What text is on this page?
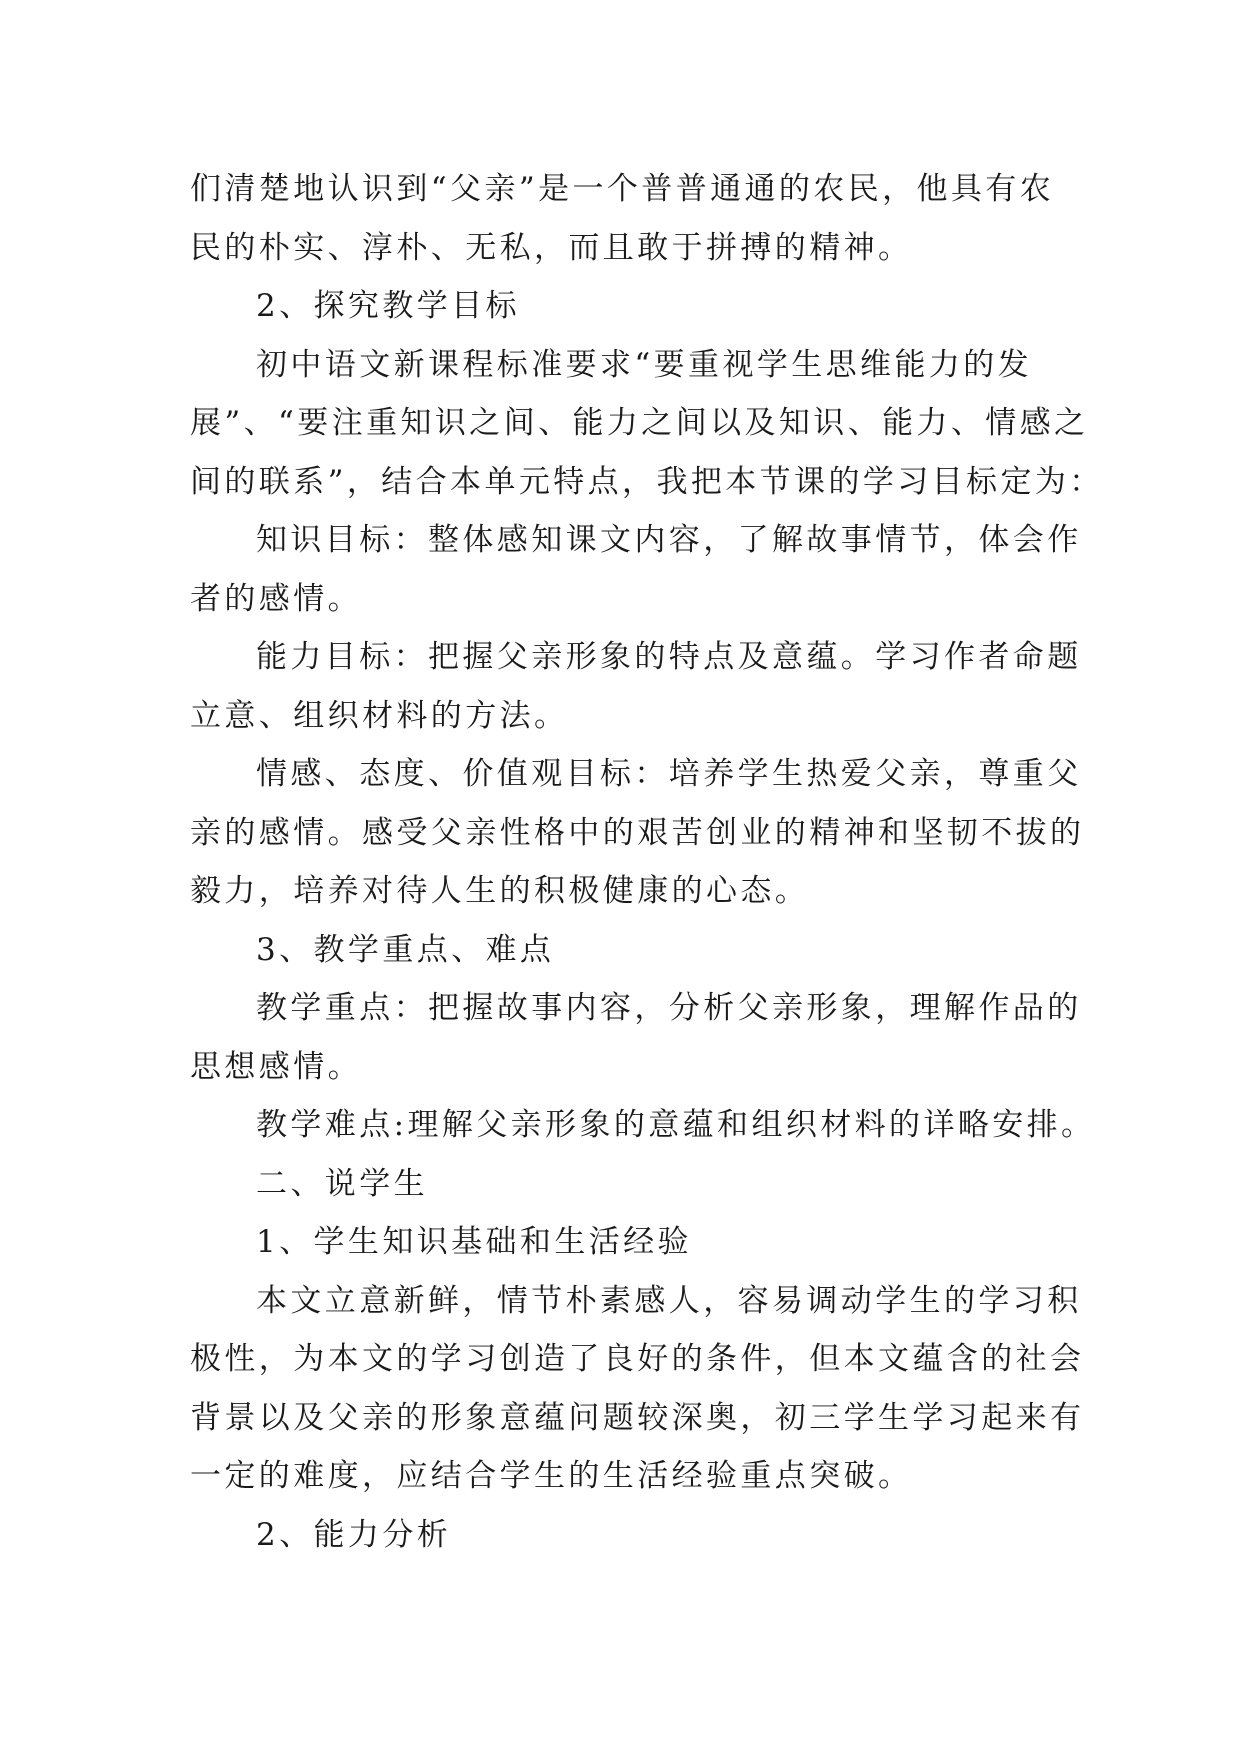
们清楚地认识到“父亲”是一个普普通通的农民，他具有农
民的朴实、淳朴、无私，而且敢于拼搏的精神。
2、探究教学目标
初中语文新课程标准要求“要重视学生思维能力的发
展”、“要注重知识之间、能力之间以及知识、能力、情感之
间的联系”，结合本单元特点，我把本节课的学习目标定为：
知识目标：整体感知课文内容，了解故事情节，体会作
者的感情。
能力目标：把握父亲形象的特点及意蕴。学习作者命题
立意、组织材料的方法。
情感、态度、价值观目标：培养学生热爱父亲，尊重父
亲的感情。感受父亲性格中的艰苦创业的精神和坚韧不拔的
毅力，培养对待人生的积极健康的心态。
3、教学重点、难点
教学重点：把握故事内容，分析父亲形象，理解作品的
思想感情。
教学难点:理解父亲形象的意蕴和组织材料的详略安排。
二、说学生
1、学生知识基础和生活经验
本文立意新鲜，情节朴素感人，容易调动学生的学习积
极性，为本文的学习创造了良好的条件，但本文蕴含的社会
背景以及父亲的形象意蕴问题较深奥，初三学生学习起来有
一定的难度，应结合学生的生活经验重点突破。
2、能力分析
